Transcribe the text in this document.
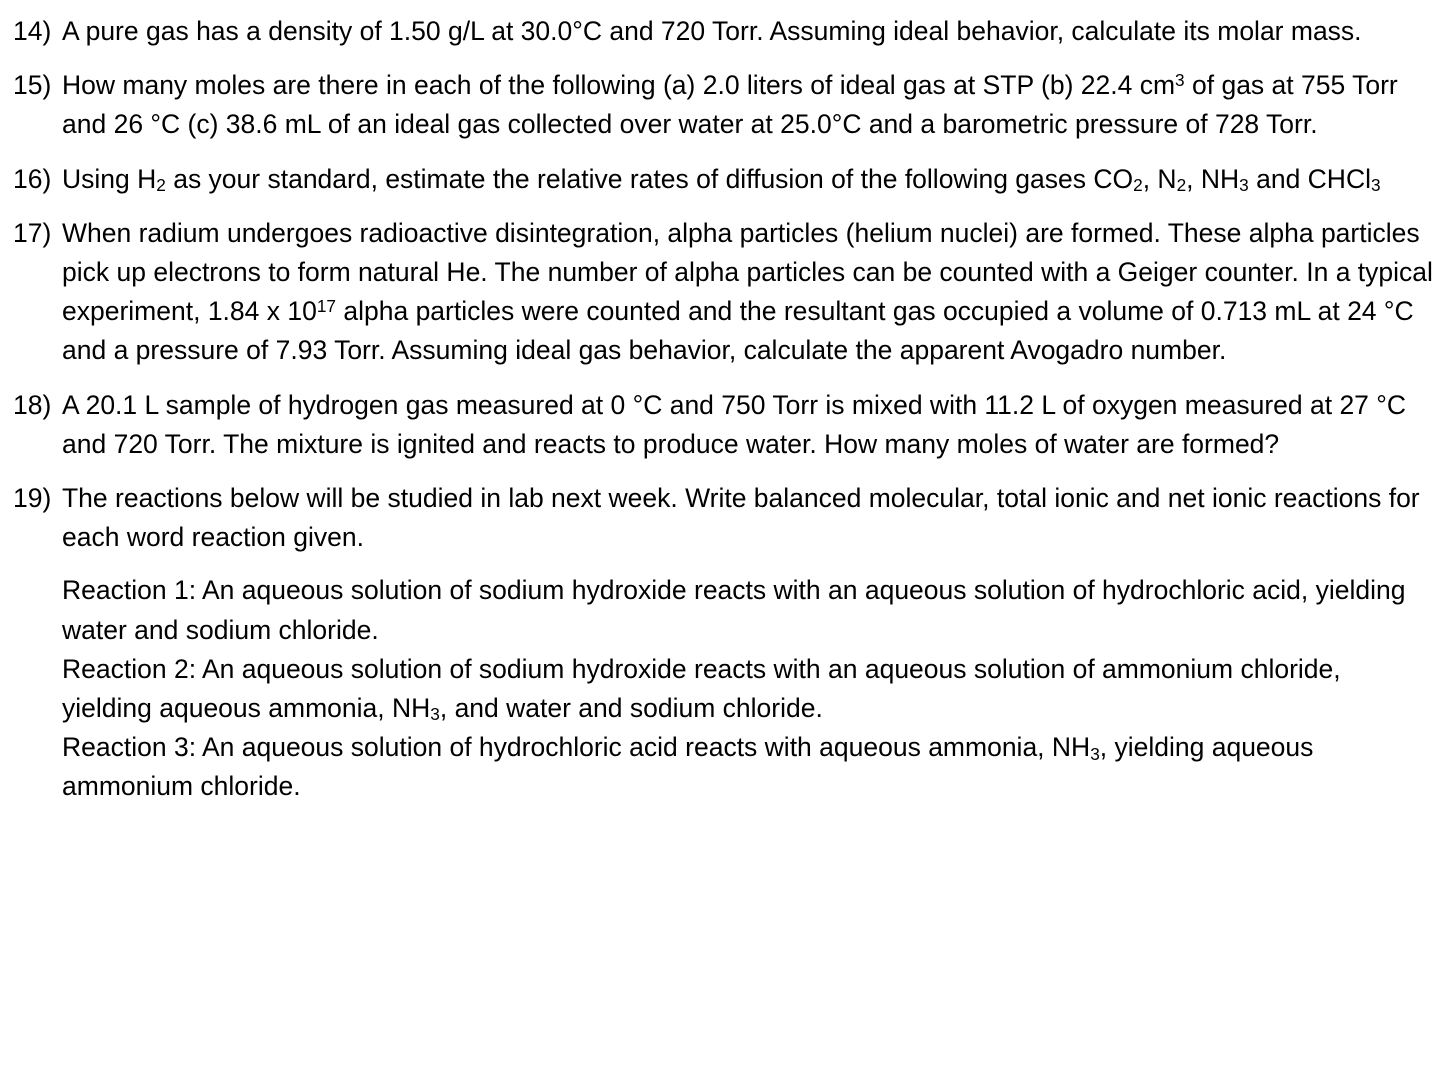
14) A pure gas has a density of 1.50 g/L at 30.0°C and 720 Torr. Assuming ideal behavior, calculate its molar mass.

15) How many moles are there in each of the following (a) 2.0 liters of ideal gas at STP (b) 22.4 $cm^3$ of gas at 755 Torr and 26 °C (c) 38.6 mL of an ideal gas collected over water at 25.0°C and a barometric pressure of 728 Torr.

16) Using $H_2$ as your standard, estimate the relative rates of diffusion of the following gases $CO_2$, $N_2$, $NH_3$ and CHCl$_3$

17) When radium undergoes radioactive disintegration, alpha particles (helium nuclei) are formed. These alpha particles pick up electrons to form natural He. The number of alpha particles can be counted with a Geiger counter. In a typical experiment, 1.84 x $10^{17}$ alpha particles were counted and the resultant gas occupied a volume of 0.713 mL at 24 °C and a pressure of 7.93 Torr. Assuming ideal gas behavior, calculate the apparent Avogadro number.

18) A 20.1 L sample of hydrogen gas measured at 0 °C and 750 Torr is mixed with 11.2 L of oxygen measured at 27 °C and 720 Torr. The mixture is ignited and reacts to produce water. How many moles of water are formed?

19) The reactions below will be studied in lab next week. Write balanced molecular, total ionic and net ionic reactions for each word reaction given.

Reaction 1: An aqueous solution of sodium hydroxide reacts with an aqueous solution of hydrochloric acid, yielding water and sodium chloride.

Reaction 2: An aqueous solution of sodium hydroxide reacts with an aqueous solution of ammonium chloride, yielding aqueous ammonia, $NH_3$, and water and sodium chloride.

Reaction 3: An aqueous solution of hydrochloric acid reacts with aqueous ammonia, $NH_3$, yielding aqueous ammonium chloride.
